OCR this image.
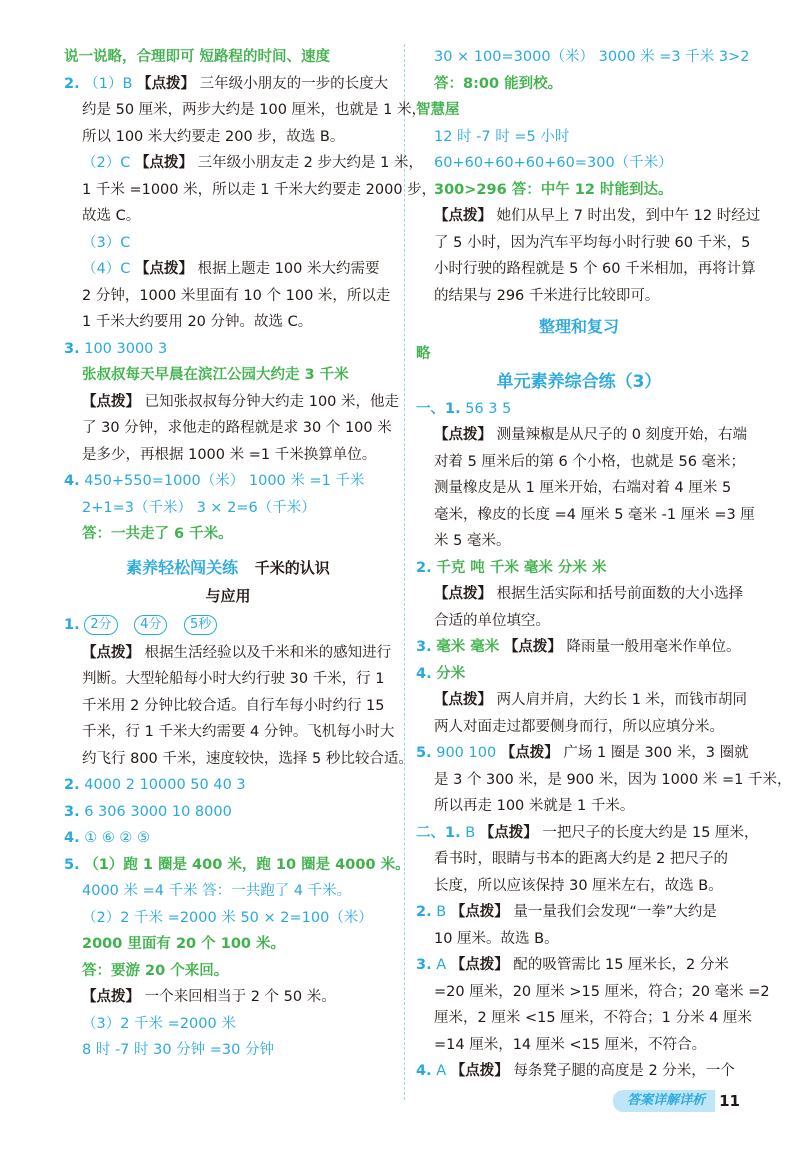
说一说略，合理即可 短路程的时间、速度
2. （1）B 【点拨】 三年级小朋友的一步的长度大
约是 50 厘米，两步大约是 100 厘米，也就是 1 米，
所以 100 米大约要走 200 步，故选 B。
（2）C 【点拨】 三年级小朋友走 2 步大约是 1 米，
1 千米 =1000 米，所以走 1 千米大约要走 2000 步，
故选 C。
（3）C
（4）C 【点拨】 根据上题走 100 米大约需要
2 分钟，1000 米里面有 10 个 100 米，所以走
1 千米大约要用 20 分钟。故选 C。
3. 100 3000 3
张叔叔每天早晨在滨江公园大约走 3 千米
【点拨】 已知张叔叔每分钟大约走 100 米，他走
了 30 分钟，求他走的路程就是求 30 个 100 米
是多少，再根据 1000 米 =1 千米换算单位。
4. 450+550=1000（米） 1000 米 =1 千米
2+1=3（千米） 3 × 2=6（千米）
答：一共走了 6 千米。
素养轻松闯关练 千米的认识
与应用
1. 2分 4分 5秒
【点拨】 根据生活经验以及千米和米的感知进行
判断。大型轮船每小时大约行驶 30 千米，行 1
千米用 2 分钟比较合适。自行车每小时约行 15
千米，行 1 千米大约需要 4 分钟。飞机每小时大
约飞行 800 千米，速度较快，选择 5 秒比较合适。
2. 4000 2 10000 50 40 3
3. 6 306 3000 10 8000
4. ① ⑥ ② ⑤
5. （1）跑 1 圈是 400 米，跑 10 圈是 4000 米。
4000 米 =4 千米 答：一共跑了 4 千米。
（2）2 千米 =2000 米 50 × 2=100（米）
2000 里面有 20 个 100 米。
答：要游 20 个来回。
【点拨】 一个来回相当于 2 个 50 米。
（3）2 千米 =2000 米
8 时 -7 时 30 分钟 =30 分钟
30 × 100=3000（米） 3000 米 =3 千米 3>2
答：8:00 能到校。
智慧屋
12 时 -7 时 =5 小时
60+60+60+60+60=300（千米）
300>296 答：中午 12 时能到达。
【点拨】 她们从早上 7 时出发，到中午 12 时经过
了 5 小时，因为汽车平均每小时行驶 60 千米，5
小时行驶的路程就是 5 个 60 千米相加，再将计算
的结果与 296 千米进行比较即可。
整理和复习
略
单元素养综合练（3）
一、1. 56 3 5
【点拨】 测量辣椒是从尺子的 0 刻度开始，右端
对着 5 厘米后的第 6 个小格，也就是 56 毫米；
测量橡皮是从 1 厘米开始，右端对着 4 厘米 5
毫米，橡皮的长度 =4 厘米 5 毫米 -1 厘米 =3 厘
米 5 毫米。
2. 千克 吨 千米 毫米 分米 米
【点拨】 根据生活实际和括号前面数的大小选择
合适的单位填空。
3. 毫米 毫米 【点拨】 降雨量一般用毫米作单位。
4. 分米
【点拨】 两人肩并肩，大约长 1 米，而钱市胡同
两人对面走过都要侧身而行，所以应填分米。
5. 900 100 【点拨】 广场 1 圈是 300 米，3 圈就
是 3 个 300 米，是 900 米，因为 1000 米 =1 千米，
所以再走 100 米就是 1 千米。
二、1. B 【点拨】 一把尺子的长度大约是 15 厘米，
看书时，眼睛与书本的距离大约是 2 把尺子的
长度，所以应该保持 30 厘米左右，故选 B。
2. B 【点拨】 量一量我们会发现“一拳”大约是
10 厘米。故选 B。
3. A 【点拨】 配的吸管需比 15 厘米长，2 分米
=20 厘米，20 厘米 >15 厘米，符合；20 毫米 =2
厘米，2 厘米 <15 厘米，不符合；1 分米 4 厘米
=14 厘米，14 厘米 <15 厘米，不符合。
4. A 【点拨】 每条凳子腿的高度是 2 分米，一个
答案详解详析 11
